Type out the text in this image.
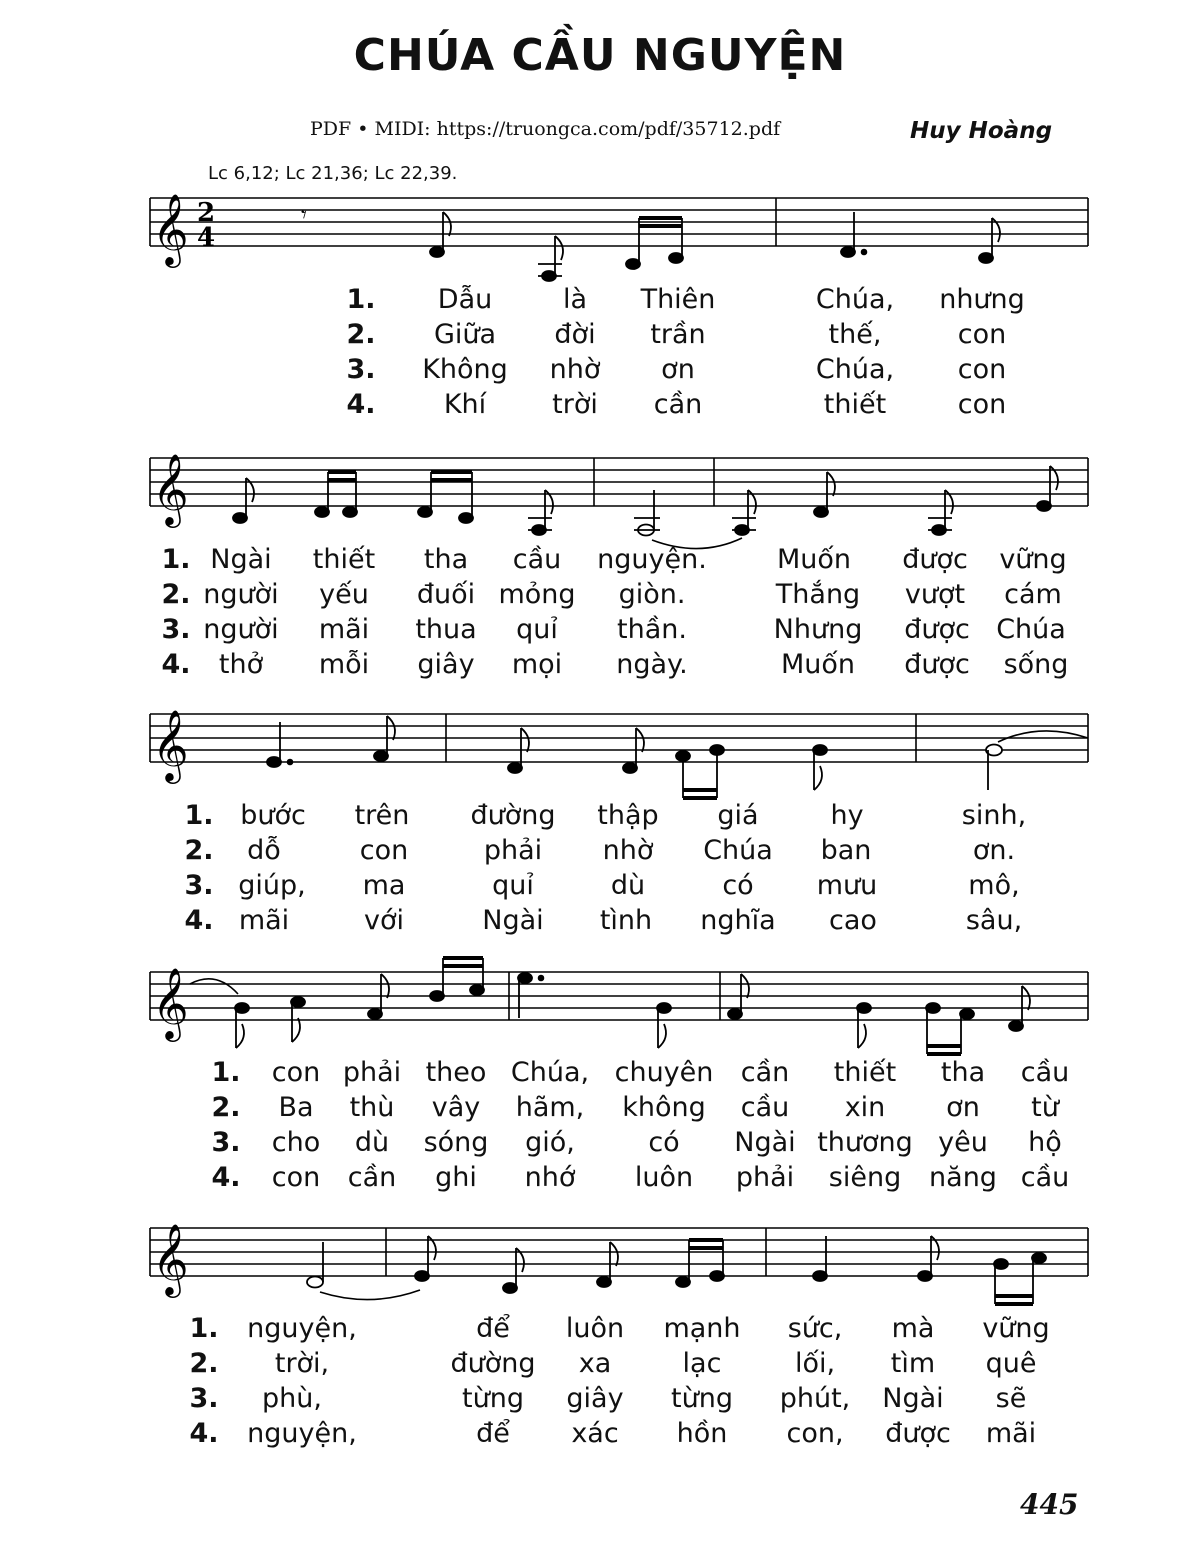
CHÚA CẦU NGUYỆN
PDF • MIDI: https://truongca.com/pdf/35712.pdf	Huy Hoàng
Lc 6,12; Lc 21,36; Lc 22,39.
𝄞 2
4
𝄾
1. Dẫu	là Thiên	Chúa, nhưng
2. Giữa đời trần	thế,	con
3. Không nhờ ơn	Chúa, con
4.	Khí trời cần	thiết	con
𝄞
1. Ngài thiết tha cầu nguyện.	Muốn được vững
2. người yếu đuối mỏng giòn.	Thắng vượt cám
3. người mãi thua quỉ thần.	Nhưng được Chúa
4. thở mỗi giây mọi ngày.	Muốn được sống
𝄞
1. bước trên đường thập giá	hy	sinh,
2. dỗ	con	phải nhờ Chúa ban	ơn.
3. giúp, ma	quỉ	dù	có mưu	mô,
4. mãi	với	Ngài tình nghĩa cao	sâu,
𝄞
1. con phải theo Chúa, chuyên cần thiết tha cầu
2. Ba thù vây hãm, không cầu xin ơn từ
3. cho dù sóng gió,	có Ngài thương yêu hộ
4. con cần ghi nhớ luôn phải siêng năng cầu
𝄞
1. nguyện,	để luôn mạnh sức, mà vững
2. trời,	đường xa	lạc	lối, tìm quê
3. phù,	từng giây từng phút, Ngài sẽ
4. nguyện,	để xác hồn con, được mãi
445
